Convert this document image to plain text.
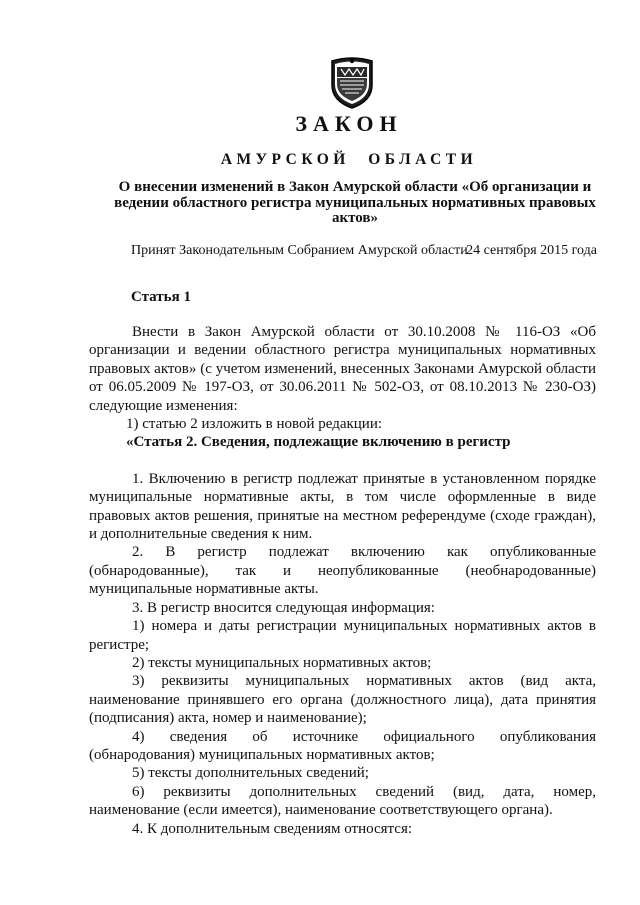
ЗАКОН
АМУРСКОЙ ОБЛАСТИ
О внесении изменений в Закон Амурской области «Об организации и ведении областного регистра муниципальных нормативных правовых актов»
Принят Законодательным Собранием Амурской области
24 сентября 2015 года
Статья 1

Внести в Закон Амурской области от 30.10.2008 № 116-ОЗ «Об организации и ведении областного регистра муниципальных нормативных правовых актов» (с учетом изменений, внесенных Законами Амурской области от 06.05.2009 № 197-ОЗ, от 30.06.2011 № 502-ОЗ, от 08.10.2013 № 230-ОЗ) следующие изменения:

1) статью 2 изложить в новой редакции:

«Статья 2. Сведения, подлежащие включению в регистр

1. Включению в регистр подлежат принятые в установленном порядке муниципальные нормативные акты, в том числе оформленные в виде правовых актов решения, принятые на местном референдуме (сходе граждан), и дополнительные сведения к ним.

2. В регистр подлежат включению как опубликованные (обнародованные), так и неопубликованные (необнародованные) муниципальные нормативные акты.

3. В регистр вносится следующая информация:

1) номера и даты регистрации муниципальных нормативных актов в регистре;

2) тексты муниципальных нормативных актов;

3) реквизиты муниципальных нормативных актов (вид акта, наименование принявшего его органа (должностного лица), дата принятия (подписания) акта, номер и наименование);

4) сведения об источнике официального опубликования (обнародования) муниципальных нормативных актов;

5) тексты дополнительных сведений;

6) реквизиты дополнительных сведений (вид, дата, номер, наименование (если имеется), наименование соответствующего органа).

4. К дополнительным сведениям относятся:
